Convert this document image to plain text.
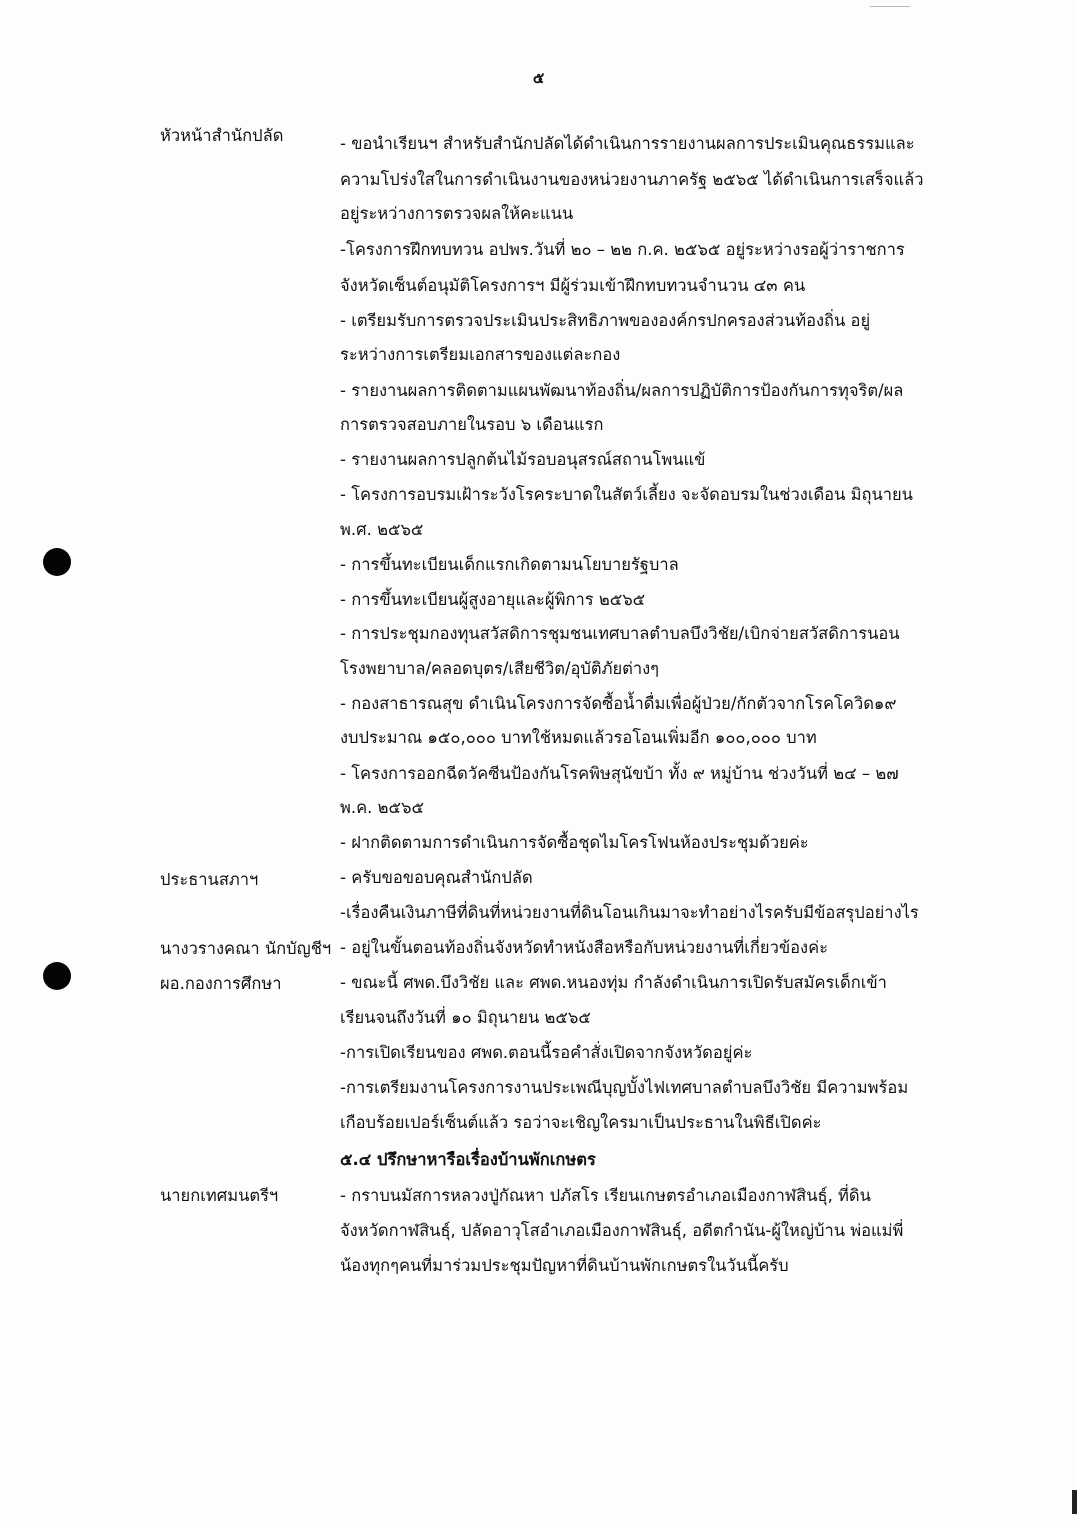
๕
หัวหน้าสำนักปลัด
ประธานสภาฯ
นางวรางคณา นักบัญชีฯ
ผอ.กองการศึกษา
นายกเทศมนตรีฯ
- ขอนำเรียนฯ สำหรับสำนักปลัดได้ดำเนินการรายงานผลการประเมินคุณธรรมและ
ความโปร่งใสในการดำเนินงานของหน่วยงานภาครัฐ ๒๕๖๕ ได้ดำเนินการเสร็จแล้ว
อยู่ระหว่างการตรวจผลให้คะแนน
-โครงการฝึกทบทวน อปพร.วันที่ ๒๐ – ๒๒ ก.ค. ๒๕๖๕ อยู่ระหว่างรอผู้ว่าราชการ
จังหวัดเซ็นต์อนุมัติโครงการฯ มีผู้ร่วมเข้าฝึกทบทวนจำนวน ๔๓ คน
- เตรียมรับการตรวจประเมินประสิทธิภาพขององค์กรปกครองส่วนท้องถิ่น อยู่
ระหว่างการเตรียมเอกสารของแต่ละกอง
- รายงานผลการติดตามแผนพัฒนาท้องถิ่น/ผลการปฏิบัติการป้องกันการทุจริต/ผล
การตรวจสอบภายในรอบ ๖ เดือนแรก
- รายงานผลการปลูกต้นไม้รอบอนุสรณ์สถานโพนแข้
- โครงการอบรมเฝ้าระวังโรคระบาดในสัตว์เลี้ยง จะจัดอบรมในช่วงเดือน มิถุนายน
พ.ศ. ๒๕๖๕
- การขึ้นทะเบียนเด็กแรกเกิดตามนโยบายรัฐบาล
- การขึ้นทะเบียนผู้สูงอายุและผู้พิการ ๒๕๖๕
- การประชุมกองทุนสวัสดิการชุมชนเทศบาลตำบลบึงวิชัย/เบิกจ่ายสวัสดิการนอน
โรงพยาบาล/คลอดบุตร/เสียชีวิต/อุบัติภัยต่างๆ
- กองสาธารณสุข ดำเนินโครงการจัดซื้อน้ำดื่มเพื่อผู้ป่วย/กักตัวจากโรคโควิด๑๙
งบประมาณ ๑๕๐,๐๐๐ บาทใช้หมดแล้วรอโอนเพิ่มอีก ๑๐๐,๐๐๐ บาท
- โครงการออกฉีดวัคซีนป้องกันโรคพิษสุนัขบ้า ทั้ง ๙ หมู่บ้าน ช่วงวันที่ ๒๔ – ๒๗
พ.ค. ๒๕๖๕
- ฝากติดตามการดำเนินการจัดซื้อชุดไมโครโฟนห้องประชุมด้วยค่ะ
- ครับขอขอบคุณสำนักปลัด
-เรื่องคืนเงินภาษีที่ดินที่หน่วยงานที่ดินโอนเกินมาจะทำอย่างไรครับมีข้อสรุปอย่างไร
- อยู่ในขั้นตอนท้องถิ่นจังหวัดทำหนังสือหรือกับหน่วยงานที่เกี่ยวข้องค่ะ
- ขณะนี้ ศพด.บึงวิชัย และ ศพด.หนองทุ่ม กำลังดำเนินการเปิดรับสมัครเด็กเข้า
เรียนจนถึงวันที่ ๑๐ มิถุนายน ๒๕๖๕
-การเปิดเรียนของ ศพด.ตอนนี้รอคำสั่งเปิดจากจังหวัดอยู่ค่ะ
-การเตรียมงานโครงการงานประเพณีบุญบั้งไฟเทศบาลตำบลบึงวิชัย มีความพร้อม
เกือบร้อยเปอร์เซ็นต์แล้ว รอว่าจะเชิญใครมาเป็นประธานในพิธีเปิดค่ะ
๕.๔ ปรึกษาหารือเรื่องบ้านพักเกษตร
- กราบนมัสการหลวงปู่กัณหา ปภัสโร เรียนเกษตรอำเภอเมืองกาฬสินธุ์, ที่ดิน
จังหวัดกาฬสินธุ์, ปลัดอาวุโสอำเภอเมืองกาฬสินธุ์, อดีตกำนัน-ผู้ใหญ่บ้าน พ่อแม่พี่
น้องทุกๆคนที่มาร่วมประชุมปัญหาที่ดินบ้านพักเกษตรในวันนี้ครับ
